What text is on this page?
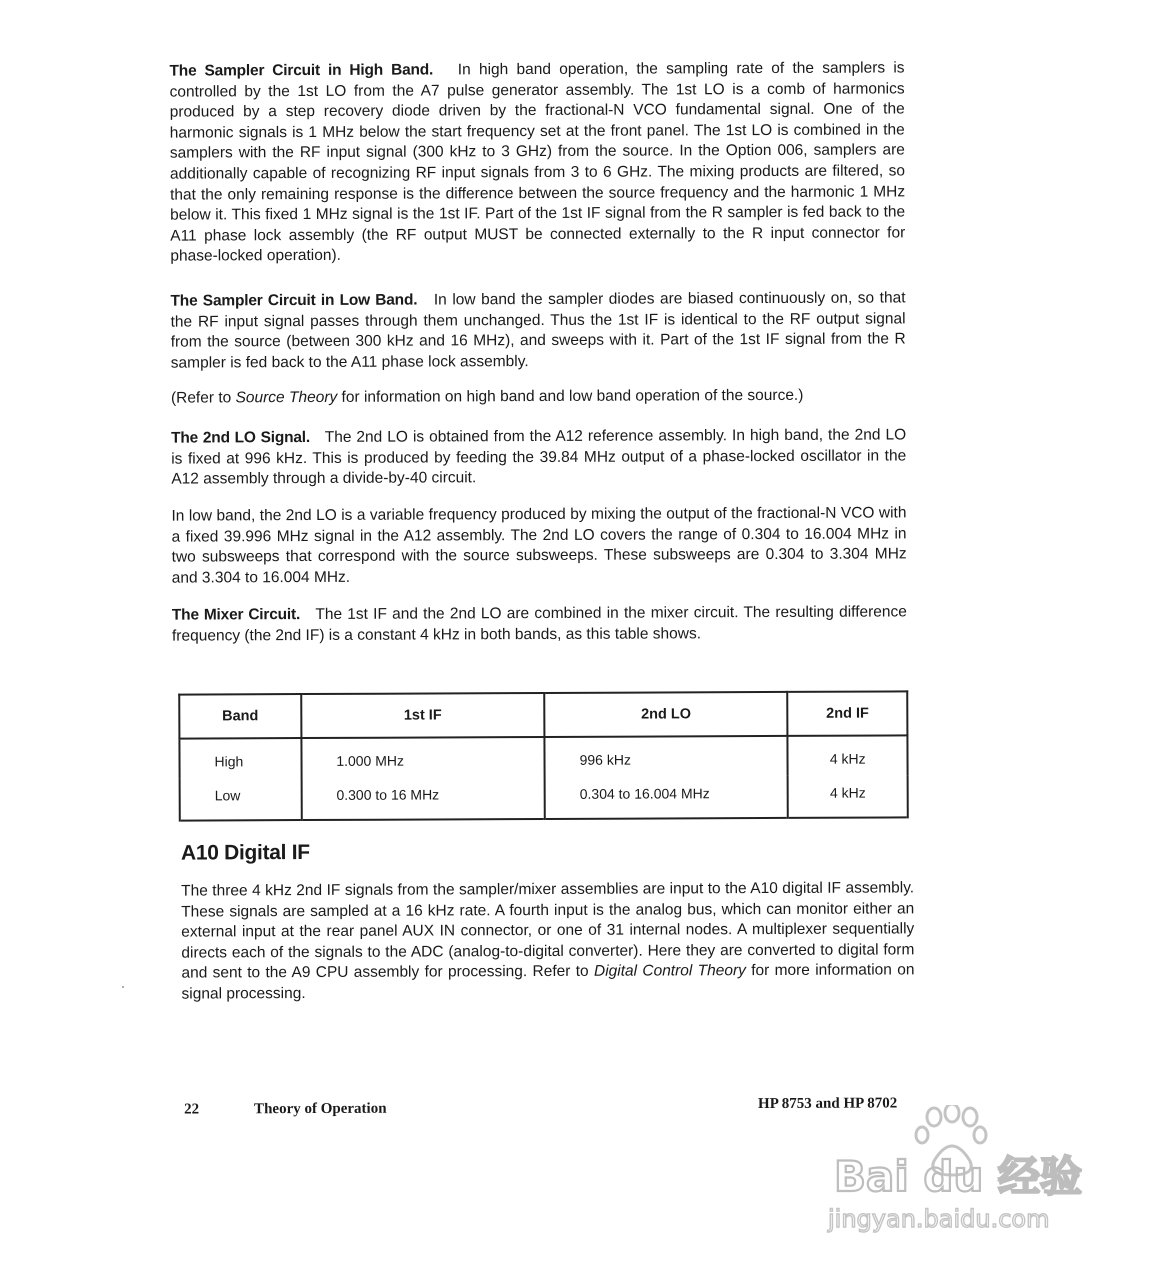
The Sampler Circuit in High Band. In high band operation, the sampling rate of the samplers is controlled by the 1st LO from the A7 pulse generator assembly. The 1st LO is a comb of harmonics produced by a step recovery diode driven by the fractional-N VCO fundamental signal. One of the harmonic signals is 1 MHz below the start frequency set at the front panel. The 1st LO is combined in the samplers with the RF input signal (300 kHz to 3 GHz) from the source. In the Option 006, samplers are additionally capable of recognizing RF input signals from 3 to 6 GHz. The mixing products are filtered, so that the only remaining response is the difference between the source frequency and the harmonic 1 MHz below it. This fixed 1 MHz signal is the 1st IF. Part of the 1st IF signal from the R sampler is fed back to the A11 phase lock assembly (the RF output MUST be connected externally to the R input connector for phase-locked operation).

The Sampler Circuit in Low Band. In low band the sampler diodes are biased continuously on, so that the RF input signal passes through them unchanged. Thus the 1st IF is identical to the RF output signal from the source (between 300 kHz and 16 MHz), and sweeps with it. Part of the 1st IF signal from the R sampler is fed back to the A11 phase lock assembly.

(Refer to Source Theory for information on high band and low band operation of the source.)

The 2nd LO Signal. The 2nd LO is obtained from the A12 reference assembly. In high band, the 2nd LO is fixed at 996 kHz. This is produced by feeding the 39.84 MHz output of a phase-locked oscillator in the A12 assembly through a divide-by-40 circuit.

In low band, the 2nd LO is a variable frequency produced by mixing the output of the fractional-N VCO with a fixed 39.996 MHz signal in the A12 assembly. The 2nd LO covers the range of 0.304 to 16.004 MHz in two subsweeps that correspond with the source subsweeps. These subsweeps are 0.304 to 3.304 MHz and 3.304 to 16.004 MHz.

The Mixer Circuit. The 1st IF and the 2nd LO are combined in the mixer circuit. The resulting difference frequency (the 2nd IF) is a constant 4 kHz in both bands, as this table shows.

Band	1st IF	2nd LO	2nd IF
High	1.000 MHz	996 kHz	4 kHz
Low	0.300 to 16 MHz	0.304 to 16.004 MHz	4 kHz
A10 Digital IF

The three 4 kHz 2nd IF signals from the sampler/mixer assemblies are input to the A10 digital IF assembly. These signals are sampled at a 16 kHz rate. A fourth input is the analog bus, which can monitor either an external input at the rear panel AUX IN connector, or one of 31 internal nodes. A multiplexer sequentially directs each of the signals to the ADC (analog-to-digital converter). Here they are converted to digital form and sent to the A9 CPU assembly for processing. Refer to Digital Control Theory for more information on signal processing.

22	Theory of Operation	HP 8753 and HP 8702
Bai du 经验
jingyan.baidu.com
